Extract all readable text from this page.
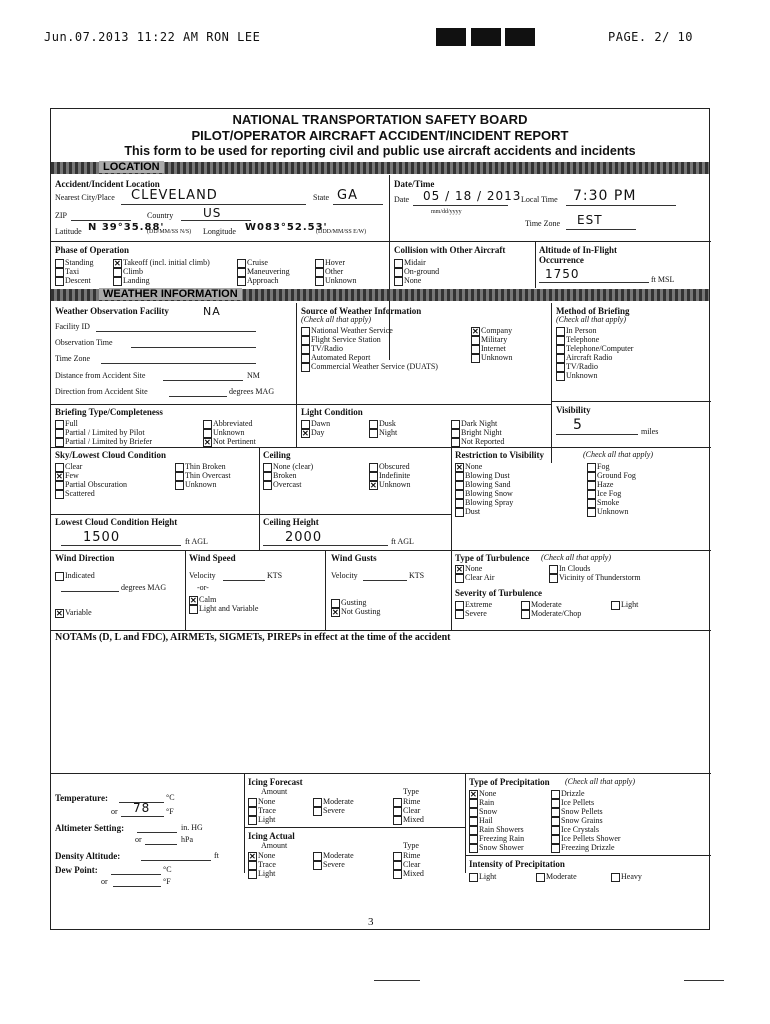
Jun.07.2013 11:22 AM RON LEE	PAGE. 2/ 10
NATIONAL TRANSPORTATION SAFETY BOARD
PILOT/OPERATOR AIRCRAFT ACCIDENT/INCIDENT REPORT
This form to be used for reporting civil and public use aircraft accidents and incidents
LOCATION
Accident/Incident Location
Nearest City/Place CLEVELAND	State GA
ZIP	Country US
Latitude N 39°35.88'
(DD/MM/SS N/S) Longitude W083°52.53'
(DDD/MM/SS E/W)
Date/Time
Date 05 / 18 / 2013
mm/dd/yyyy
Local Time 7:30 PM
Time Zone EST
Phase of Operation
Standing
Taxi
Descent
✕
Takeoff (incl. initial climb)
Climb
Landing
Cruise
Maneuvering
Approach
Hover
Other
Unknown
Collision with Other Aircraft
Midair
On-ground
None
Altitude of In-Flight Occurrence
1750	ft MSL
WEATHER INFORMATION
Weather Observation Facility	NA
Facility ID
Observation Time
Time Zone
Distance from Accident Site	NM
Direction from Accident Site	degrees MAG
Source of Weather Information
(Check all that apply)
National Weather Service
Flight Service Station
TV/Radio
Automated Report
Commercial Weather Service (DUATS)
✕
Company
Military
Internet
Unknown
Method of Briefing
(Check all that apply)
In Person
Telephone
Telephone/Computer
Aircraft Radio
TV/Radio
Unknown
Briefing Type/Completeness
Full
Partial / Limited by Pilot
Partial / Limited by Briefer
Abbreviated
Unknown
✕
Not Pertinent
Light Condition
Dawn
✕
Day
Dusk
Night
Dark Night
Bright Night
Not Reported
Visibility
5	miles
Sky/Lowest Cloud Condition
Clear
✕
Few
Partial Obscuration
Scattered
Thin Broken
Thin Overcast
Unknown
Ceiling
None (clear)
Broken
Overcast
Obscured
Indefinite
✕
Unknown
Restriction to Visibility	(Check all that apply)
✕
None
Blowing Dust
Blowing Sand
Blowing Snow
Blowing Spray
Dust
Fog
Ground Fog
Haze
Ice Fog
Smoke
Unknown
Lowest Cloud Condition Height
1500	ft AGL
Ceiling Height
2000	ft AGL
Wind Direction
Indicated
degrees MAG
✕
Variable
Wind Speed
Velocity	KTS
-or-
✕
Calm
Light and Variable
Wind Gusts
Velocity	KTS
Gusting
✕
Not Gusting
Type of Turbulence (Check all that apply)
✕
None
Clear Air
In Clouds
Vicinity of Thunderstorm
Severity of Turbulence
Extreme
Severe
Moderate
Moderate/Chop
Light
NOTAMs (D, L and FDC), AIRMETs, SIGMETs, PIREPs in effect at the time of the accident
Temperature:	°C
or 78 °F
Altimeter Setting:	in. HG
or	hPa
Density Altitude:	ft
Dew Point:	°C
or	°F
Icing Forecast
Amount	Type
None
Trace
Light
Moderate
Severe
Rime
Clear
Mixed
Icing Actual
Amount	Type
✕
None
Trace
Light
Moderate
Severe
Rime
Clear
Mixed
Type of Precipitation (Check all that apply)
✕
None
Rain
Snow
Hail
Rain Showers
Freezing Rain
Snow Shower
Drizzle
Ice Pellets
Snow Pellets
Snow Grains
Ice Crystals
Ice Pellets Shower
Freezing Drizzle
Intensity of Precipitation
Light	Moderate	Heavy
3
